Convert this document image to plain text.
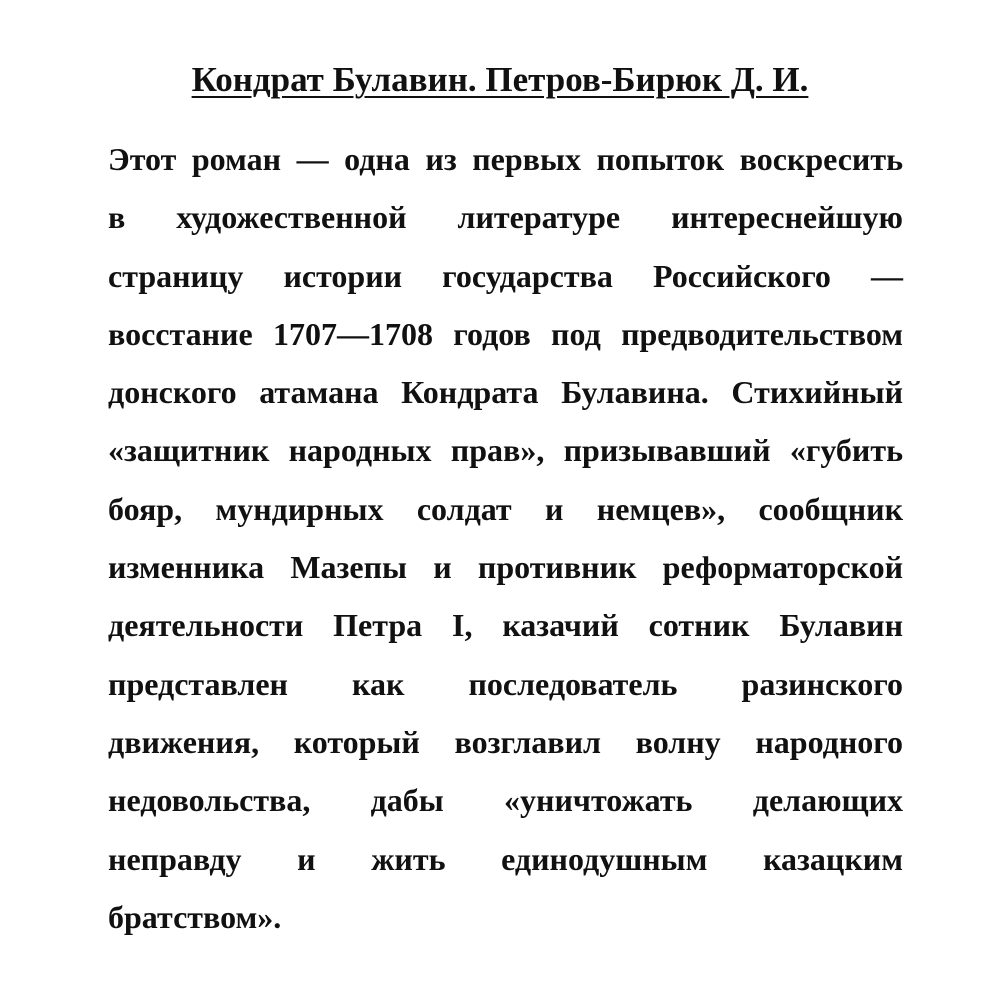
Кондрат Булавин. Петров-Бирюк Д. И.
Этот роман — одна из первых попыток воскресить
в художественной литературе интереснейшую
страницу истории государства Российского —
восстание 1707—1708 годов под предводительством
донского атамана Кондрата Булавина. Стихийный
«защитник народных прав», призывавший «губить
бояр, мундирных солдат и немцев», сообщник
изменника Мазепы и противник реформаторской
деятельности Петра I, казачий сотник Булавин
представлен как последователь разинского
движения, который возглавил волну народного
недовольства, дабы «уничтожать делающих
неправду и жить единодушным казацким
братством».
